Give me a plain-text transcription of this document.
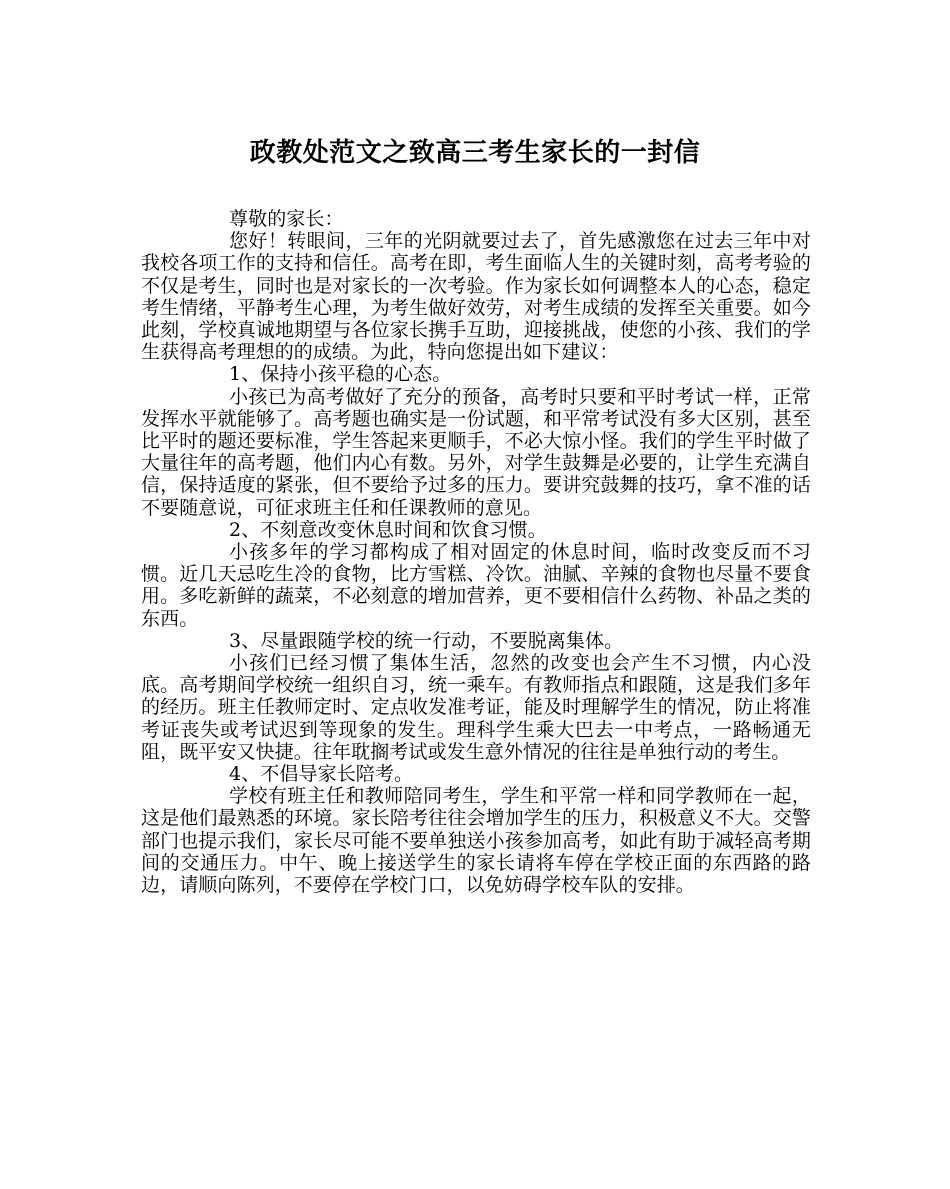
政教处范文之致高三考生家长的一封信

尊敬的家长：

您好！转眼间，三年的光阴就要过去了，首先感激您在过去三年中对我校各项工作的支持和信任。高考在即，考生面临人生的关键时刻，高考考验的不仅是考生，同时也是对家长的一次考验。作为家长如何调整本人的心态，稳定考生情绪，平静考生心理，为考生做好效劳，对考生成绩的发挥至关重要。如今此刻，学校真诚地期望与各位家长携手互助，迎接挑战，使您的小孩、我们的学生获得高考理想的的成绩。为此，特向您提出如下建议：

1、保持小孩平稳的心态。

小孩已为高考做好了充分的预备，高考时只要和平时考试一样，正常发挥水平就能够了。高考题也确实是一份试题，和平常考试没有多大区别，甚至比平时的题还要标准，学生答起来更顺手，不必大惊小怪。我们的学生平时做了大量往年的高考题，他们内心有数。另外，对学生鼓舞是必要的，让学生充满自信，保持适度的紧张，但不要给予过多的压力。要讲究鼓舞的技巧，拿不准的话不要随意说，可征求班主任和任课教师的意见。

2、不刻意改变休息时间和饮食习惯。

小孩多年的学习都构成了相对固定的休息时间，临时改变反而不习惯。近几天忌吃生冷的食物，比方雪糕、冷饮。油腻、辛辣的食物也尽量不要食用。多吃新鲜的蔬菜，不必刻意的增加营养，更不要相信什么药物、补品之类的东西。

3、尽量跟随学校的统一行动，不要脱离集体。

小孩们已经习惯了集体生活，忽然的改变也会产生不习惯，内心没底。高考期间学校统一组织自习，统一乘车。有教师指点和跟随，这是我们多年的经历。班主任教师定时、定点收发准考证，能及时理解学生的情况，防止将准考证丧失或考试迟到等现象的发生。理科学生乘大巴去一中考点，一路畅通无阻，既平安又快捷。往年耽搁考试或发生意外情况的往往是单独行动的考生。

4、不倡导家长陪考。

学校有班主任和教师陪同考生，学生和平常一样和同学教师在一起，这是他们最熟悉的环境。家长陪考往往会增加学生的压力，积极意义不大。交警部门也提示我们，家长尽可能不要单独送小孩参加高考，如此有助于减轻高考期间的交通压力。中午、晚上接送学生的家长请将车停在学校正面的东西路的路边，请顺向陈列，不要停在学校门口，以免妨碍学校车队的安排。
